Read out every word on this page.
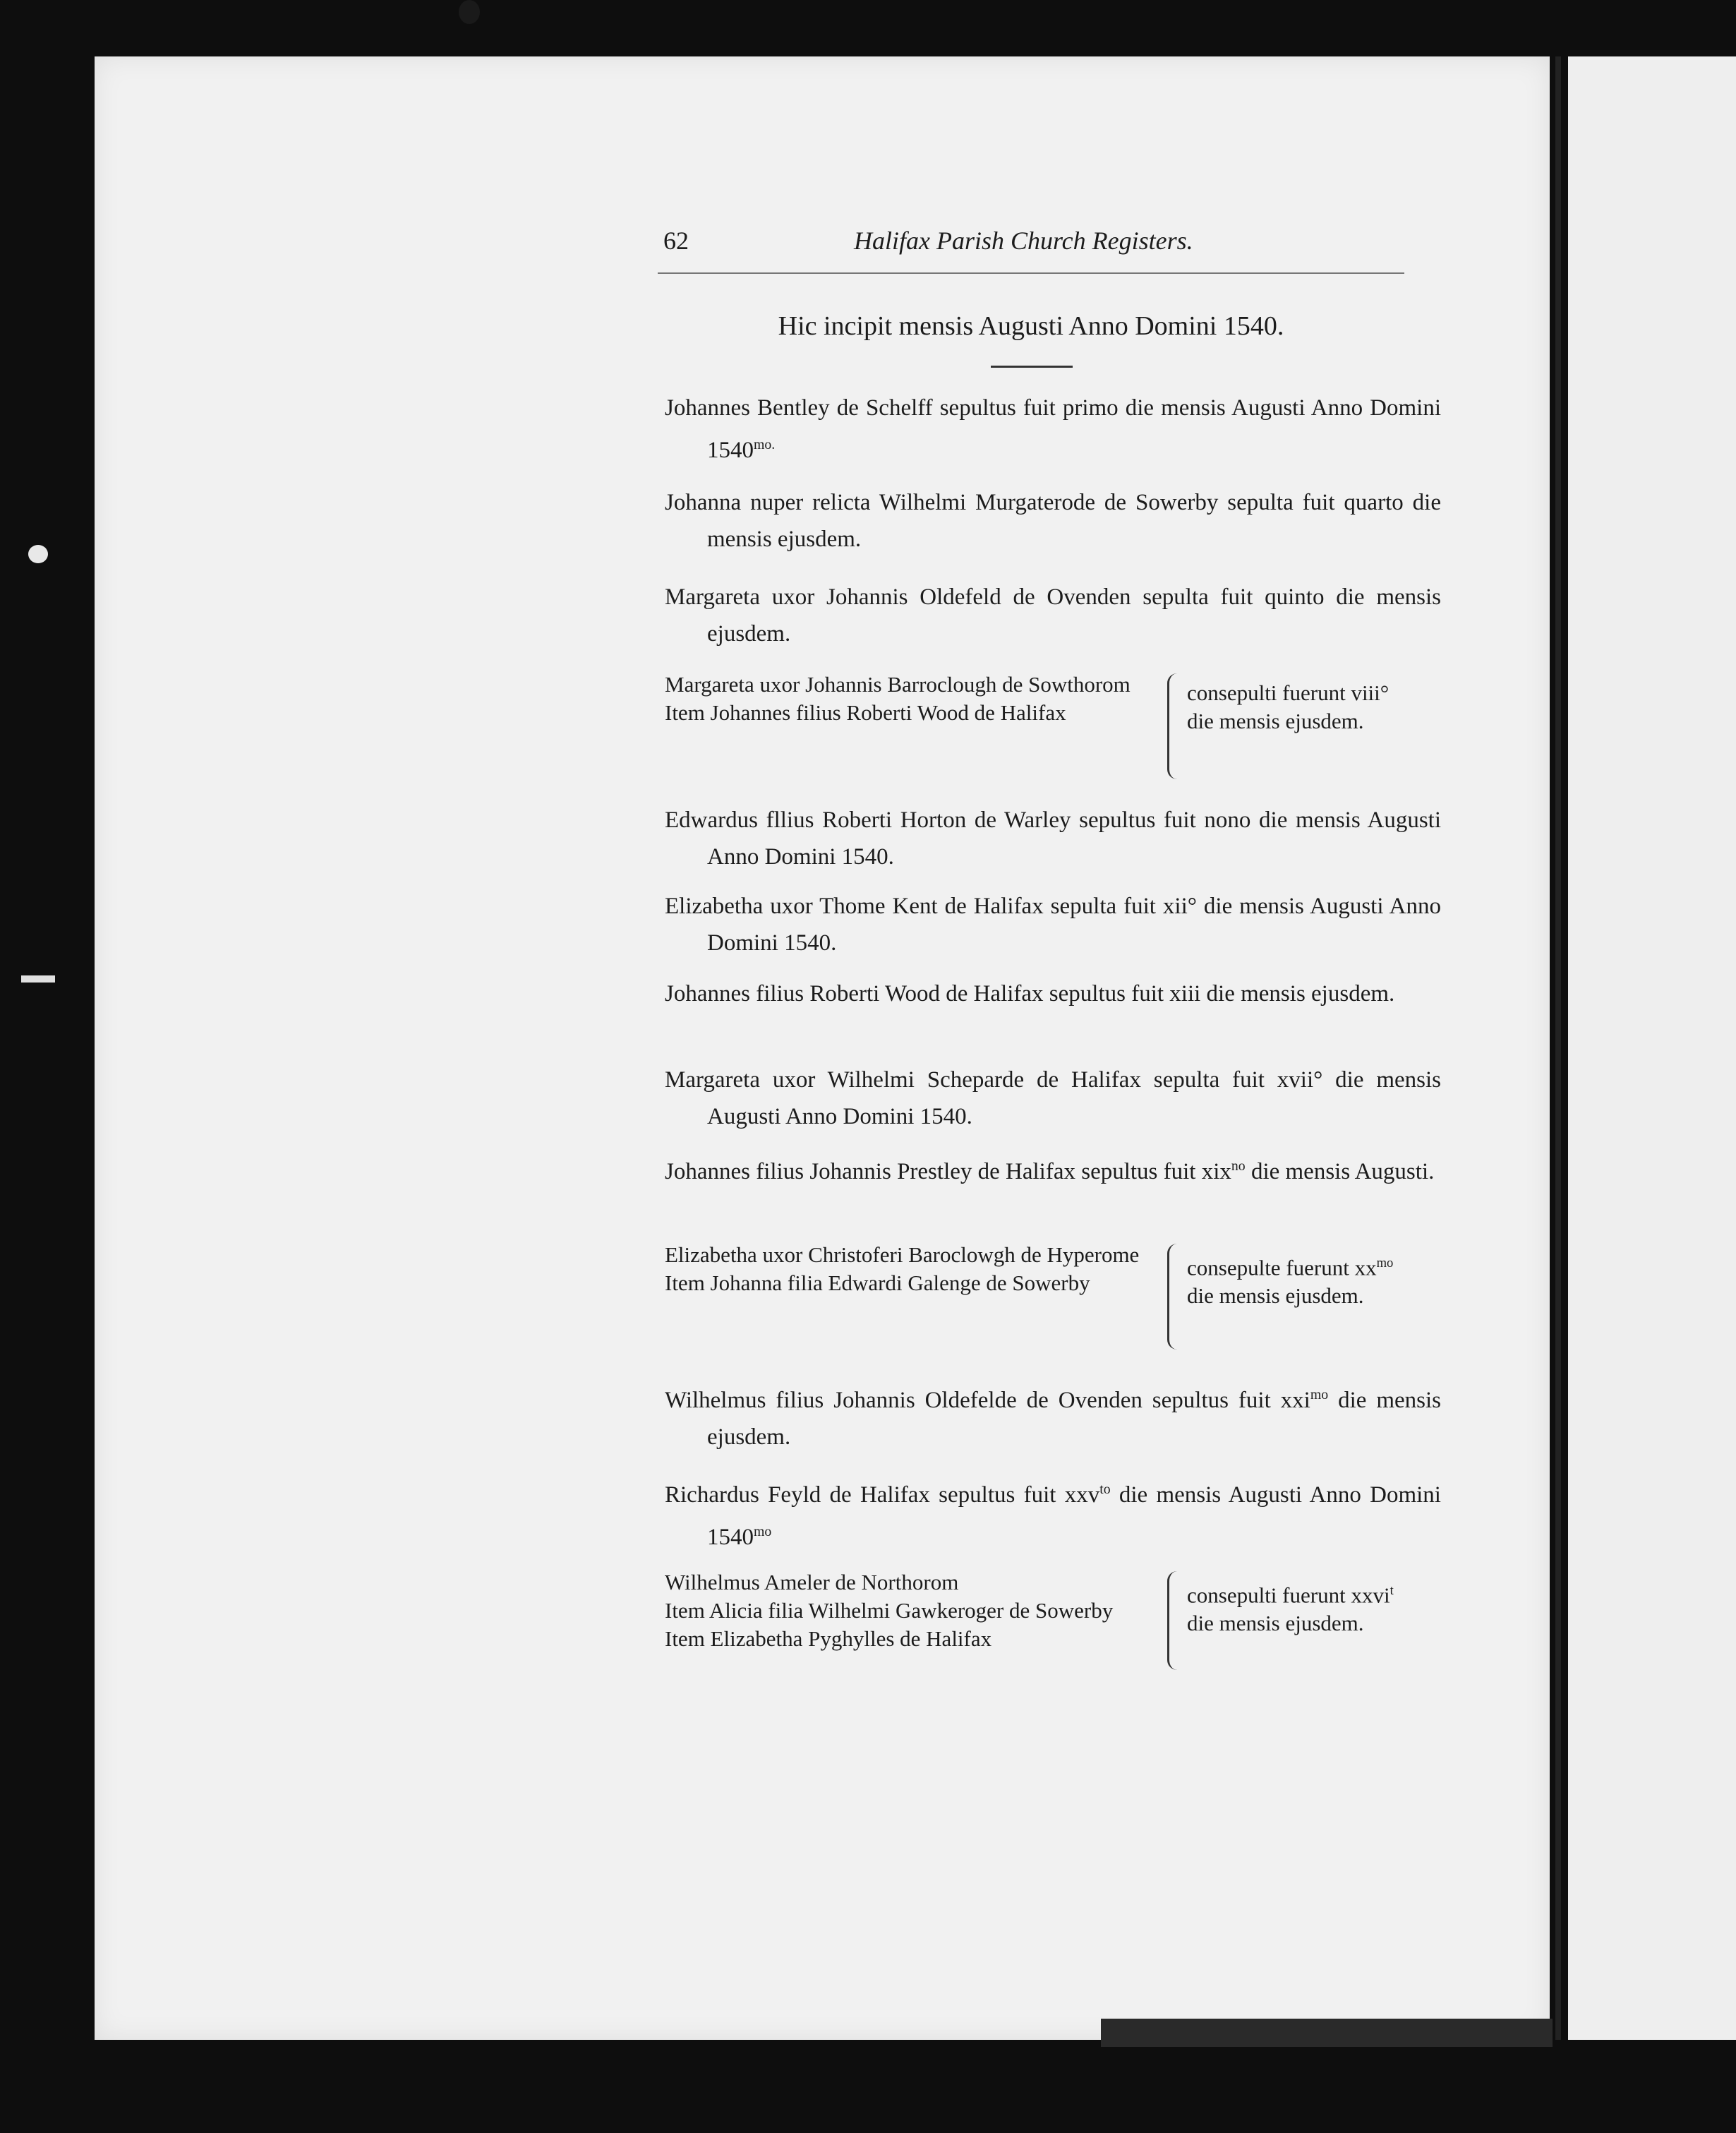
62	Halifax Parish Church Registers.
Hic incipit mensis Augusti Anno Domini 1540.
Johannes Bentley de Schelff sepultus fuit primo die mensis Augusti Anno Domini $1540^{mo.}$
Johanna nuper relicta Wilhelmi Murgaterode de Sowerby sepulta fuit quarto die mensis ejusdem.
Margareta uxor Johannis Oldefeld de Ovenden sepulta fuit quinto die mensis ejusdem.
Margareta uxor Johannis Barroclough de Sowthorom
Item Johannes filius Roberti Wood de Halifax
consepulti fuerunt viii° die mensis ejusdem.
Edwardus fllius Roberti Horton de Warley sepultus fuit nono die mensis Augusti Anno Domini 1540.
Elizabetha uxor Thome Kent de Halifax sepulta fuit xii° die mensis Augusti Anno Domini 1540.
Johannes filius Roberti Wood de Halifax sepultus fuit xiii die mensis ejusdem.
Margareta uxor Wilhelmi Scheparde de Halifax sepulta fuit xvii° die mensis Augusti Anno Domini 1540.
Johannes filius Johannis Prestley de Halifax sepultus fuit xix$^{no}$ die mensis Augusti.
Elizabetha uxor Christoferi Baroclowgh de Hyperome
Item Johanna filia Edwardi Galenge de Sowerby
consepulte fuerunt $xx^{mo}$ die mensis ejusdem.
Wilhelmus filius Johannis Oldefelde de Ovenden sepultus fuit xxi$^{mo}$ die mensis ejusdem.
Richardus Feyld de Halifax sepultus fuit xxv$^{to}$ die mensis Augusti Anno Domini $1540^{mo}$
Wilhelmus Ameler de Northorom
Item Alicia filia Wilhelmi Gawkeroger de Sowerby
Item Elizabetha Pyghylles de Halifax
consepulti fuerunt xxvi$^t$ die mensis ejusdem.
